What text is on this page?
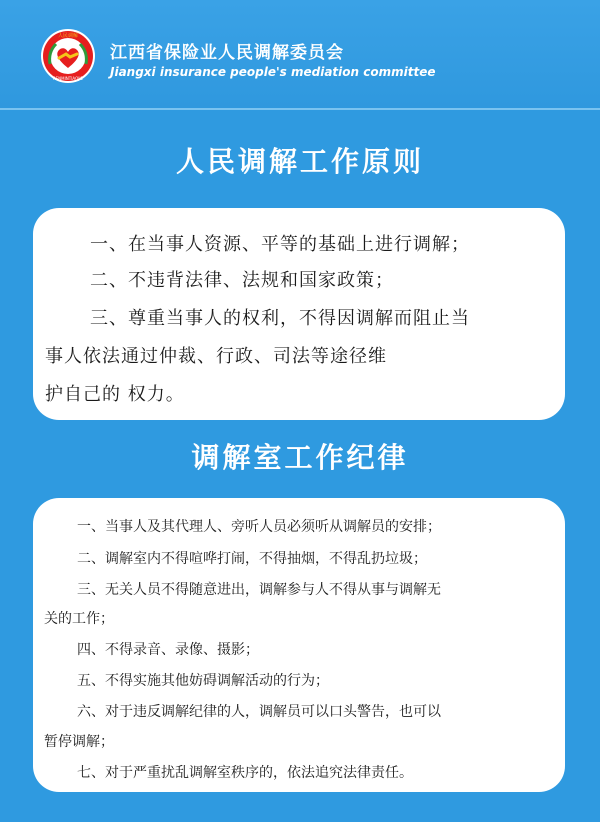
人民调解
RENMINTIAOJIE
江西省保险业人民调解委员会
Jiangxi insurance people's mediation committee
人民调解工作原则
一、在当事人资源、平等的基础上进行调解；
二、不违背法律、法规和国家政策；
三、尊重当事人的权利，不得因调解而阻止当
事人依法通过仲裁、行政、司法等途径维
护自己的 权力。
调解室工作纪律
一、当事人及其代理人、旁听人员必须听从调解员的安排；
二、调解室内不得喧哗打闹，不得抽烟，不得乱扔垃圾；
三、无关人员不得随意进出，调解参与人不得从事与调解无
关的工作；
四、不得录音、录像、摄影；
五、不得实施其他妨碍调解活动的行为；
六、对于违反调解纪律的人，调解员可以口头警告，也可以
暂停调解；
七、对于严重扰乱调解室秩序的，依法追究法律责任。
